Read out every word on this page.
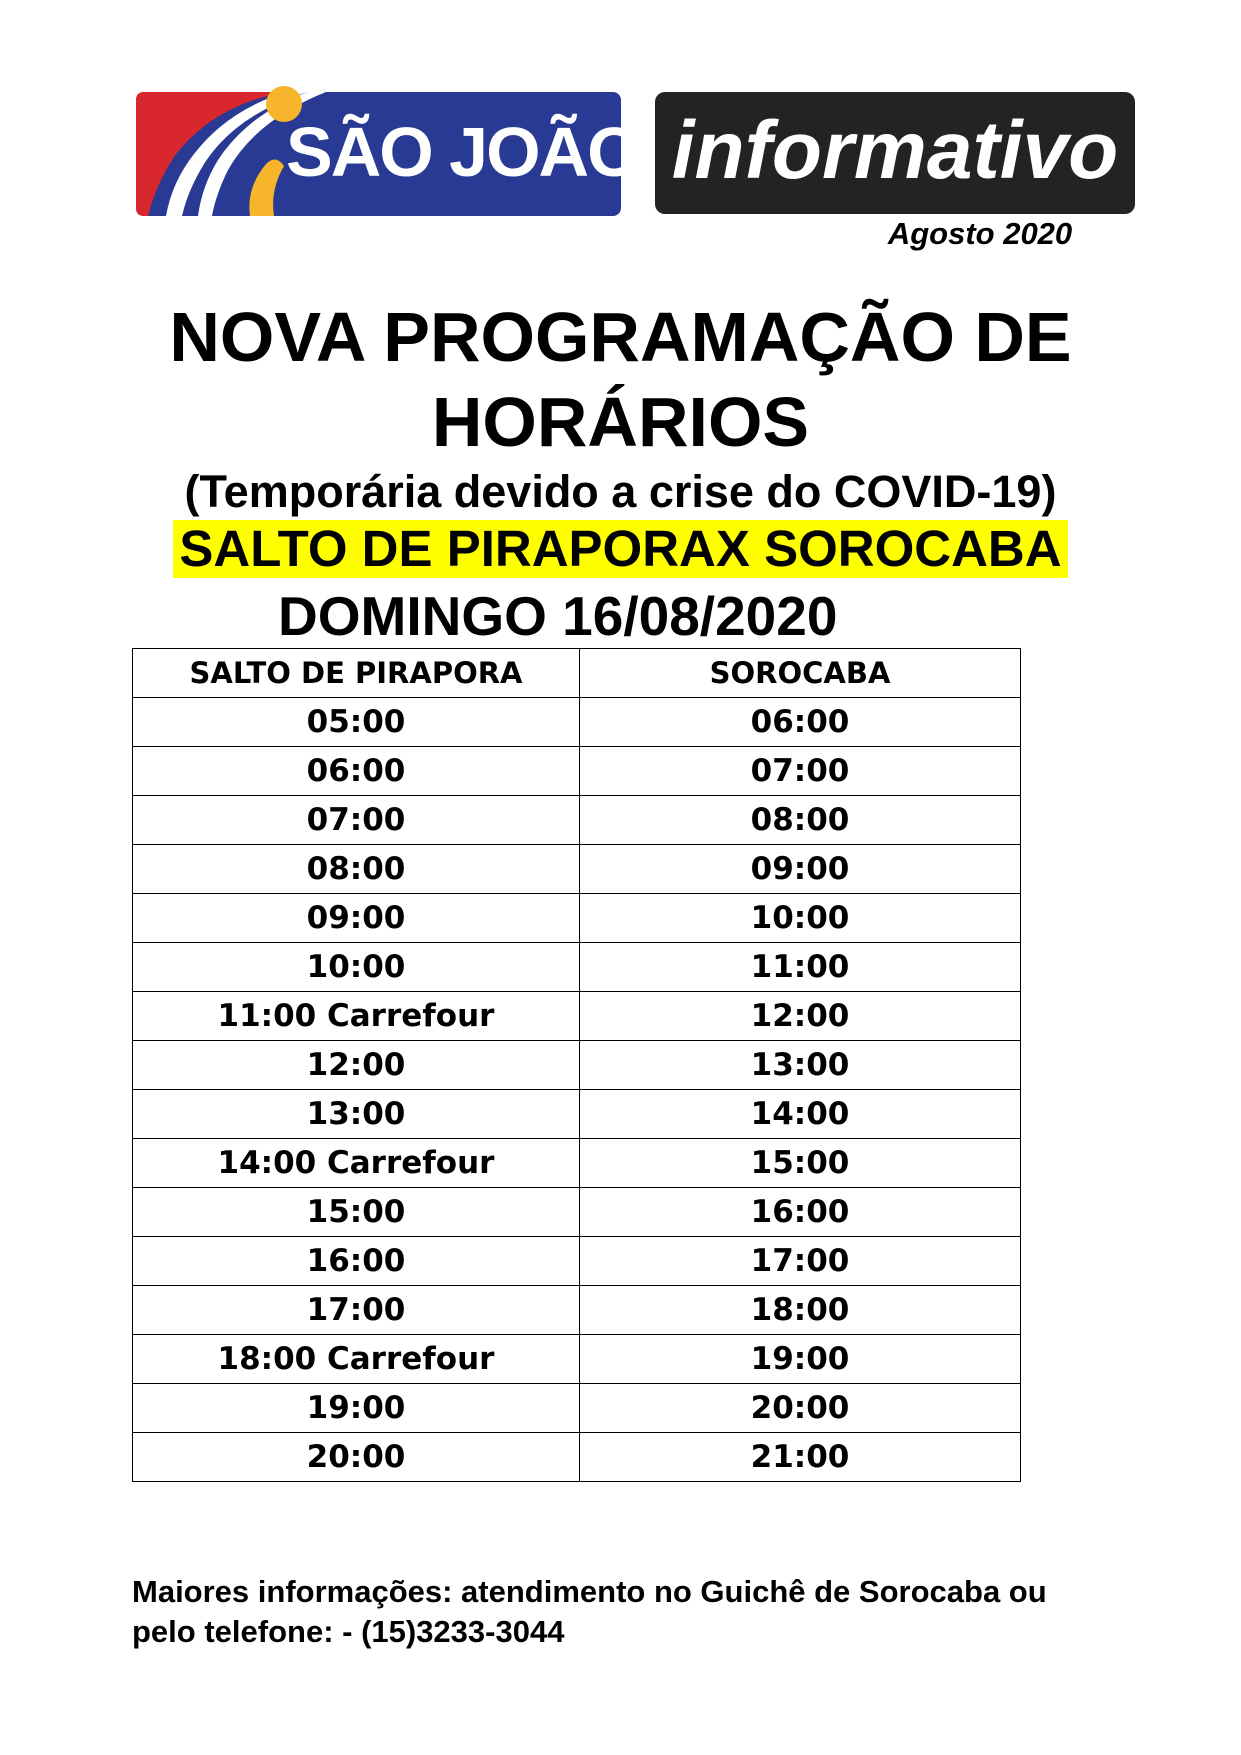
SÃO JOÃO informativo
Agosto 2020
NOVA PROGRAMAÇÃO DE
HORÁRIOS
(Temporária devido a crise do COVID-19)
SALTO DE PIRAPORAX SOROCABA
DOMINGO 16/08/2020
SALTO DE PIRAPORA	SOROCABA
05:00	06:00
06:00	07:00
07:00	08:00
08:00	09:00
09:00	10:00
10:00	11:00
11:00 Carrefour	12:00
12:00	13:00
13:00	14:00
14:00 Carrefour	15:00
15:00	16:00
16:00	17:00
17:00	18:00
18:00 Carrefour	19:00
19:00	20:00
20:00	21:00
Maiores informações: atendimento no Guichê de Sorocaba ou
pelo telefone: - (15)3233-3044
